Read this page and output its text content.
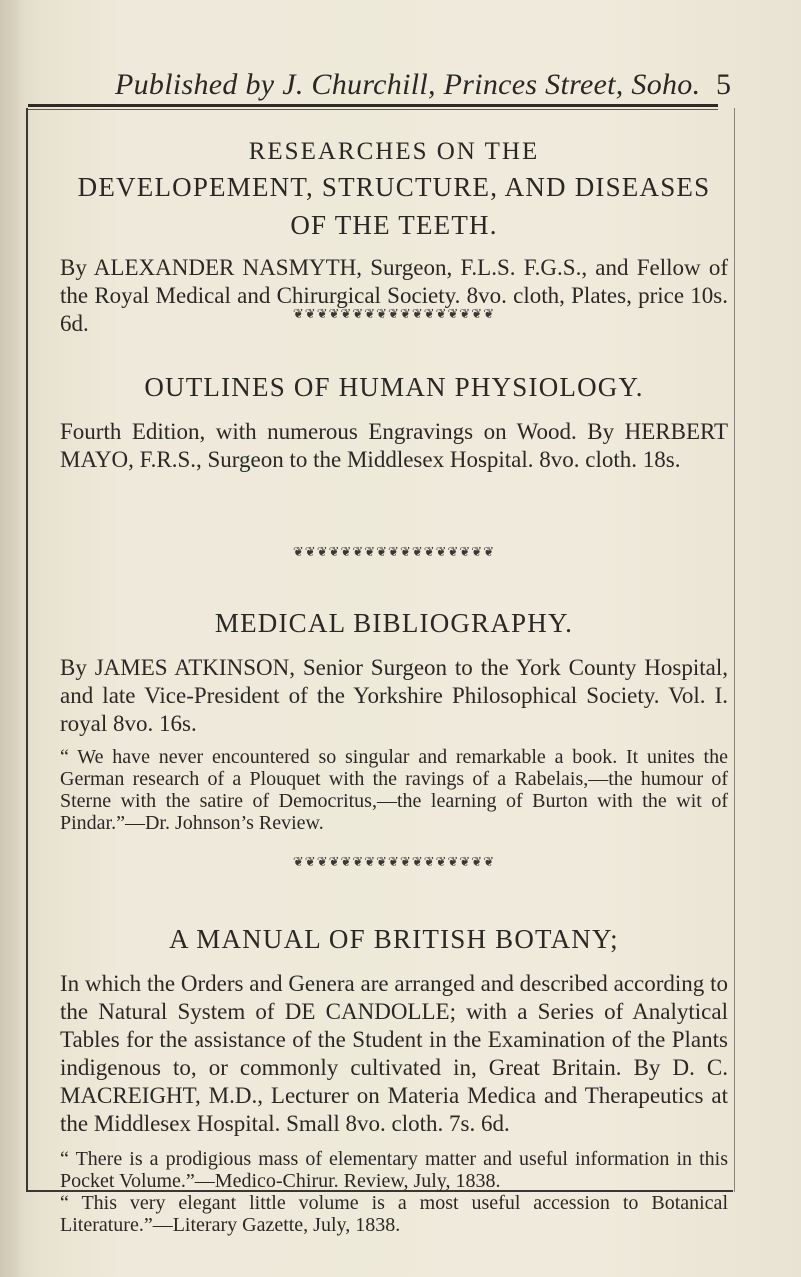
Published by J. Churchill, Princes Street, Soho. 5
RESEARCHES ON THE
DEVELOPEMENT, STRUCTURE, AND DISEASES
OF THE TEETH.

By ALEXANDER NASMYTH, Surgeon, F.L.S. F.G.S., and Fellow of the Royal Medical and Chirurgical Society. 8vo. cloth, Plates, price 10s. 6d.	❦❦❦❦❦❦❦❦❦❦❦❦❦❦❦❦❦

OUTLINES OF HUMAN PHYSIOLOGY.

Fourth Edition, with numerous Engravings on Wood. By HERBERT MAYO, F.R.S., Surgeon to the Middlesex Hospital. 8vo. cloth. 18s.

❦❦❦❦❦❦❦❦❦❦❦❦❦❦❦❦❦

MEDICAL BIBLIOGRAPHY.

By JAMES ATKINSON, Senior Surgeon to the York County Hospital, and late Vice-President of the Yorkshire Philosophical Society. Vol. I. royal 8vo. 16s.

“ We have never encountered so singular and remarkable a book. It unites the German research of a Plouquet with the ravings of a Rabelais,—the humour of Sterne with the satire of Democritus,—the learning of Burton with the wit of Pindar.”—Dr. Johnson’s Review.

❦❦❦❦❦❦❦❦❦❦❦❦❦❦❦❦❦

A MANUAL OF BRITISH BOTANY;

In which the Orders and Genera are arranged and described according to the Natural System of DE CANDOLLE; with a Series of Analytical Tables for the assistance of the Student in the Examination of the Plants indigenous to, or commonly cultivated in, Great Britain. By D. C. MACREIGHT, M.D., Lecturer on Materia Medica and Therapeutics at the Middlesex Hospital. Small 8vo. cloth. 7s. 6d.

“ There is a prodigious mass of elementary matter and useful information in this Pocket Volume.”—Medico-Chirur. Review, July, 1838.

“ This very elegant little volume is a most useful accession to Botanical Literature.”—Literary Gazette, July, 1838.
